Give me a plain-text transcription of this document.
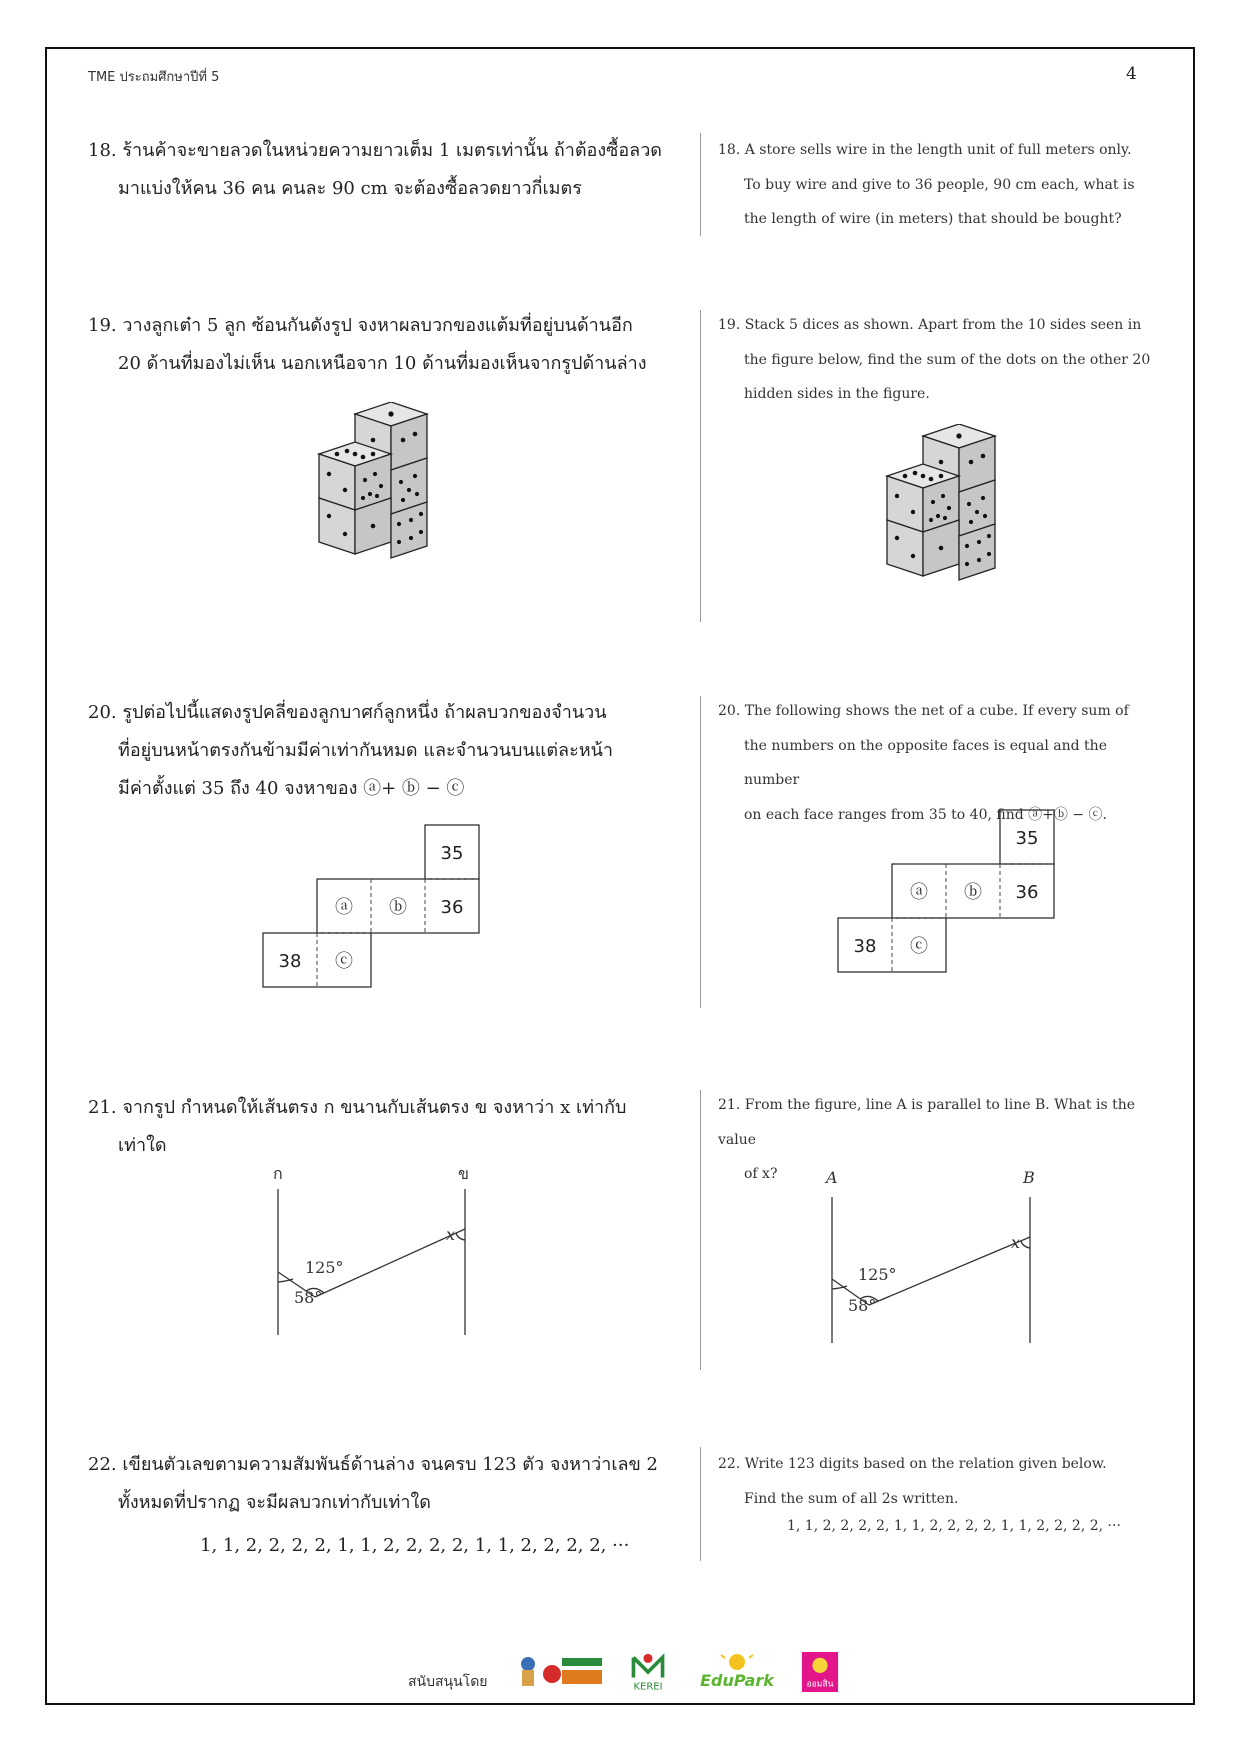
TME ประถมศึกษาปีที่ 5	4
18. ร้านค้าจะขายลวดในหน่วยความยาวเต็ม 1 เมตรเท่านั้น ถ้าต้องซื้อลวด
มาแบ่งให้คน 36 คน คนละ 90 cm จะต้องซื้อลวดยาวกี่เมตร
18. A store sells wire in the length unit of full meters only.
To buy wire and give to 36 people, 90 cm each, what is
the length of wire (in meters) that should be bought?
19. วางลูกเต๋า 5 ลูก ซ้อนกันดังรูป จงหาผลบวกของแต้มที่อยู่บนด้านอีก
20 ด้านที่มองไม่เห็น นอกเหนือจาก 10 ด้านที่มองเห็นจากรูปด้านล่าง
19. Stack 5 dices as shown. Apart from the 10 sides seen in
the figure below, find the sum of the dots on the other 20
hidden sides in the figure.
20. รูปต่อไปนี้แสดงรูปคลี่ของลูกบาศก์ลูกหนึ่ง ถ้าผลบวกของจำนวน
ที่อยู่บนหน้าตรงกันข้ามมีค่าเท่ากันหมด และจำนวนบนแต่ละหน้า
มีค่าตั้งแต่ 35 ถึง 40 จงหาของ ⓐ+ ⓑ − ⓒ
20. The following shows the net of a cube. If every sum of
the numbers on the opposite faces is equal and the number
on each face ranges from 35 to 40, find ⓐ+ⓑ − ⓒ.
35
ⓐ ⓑ 36
38 ⓒ
35
ⓐ ⓑ 36
38 ⓒ
21. จากรูป กำหนดให้เส้นตรง ก ขนานกับเส้นตรง ข จงหาว่า x เท่ากับ
เท่าใด
21. From the figure, line A is parallel to line B. What is the value
of x?
ก	ข
125°
58°
x
A	B
125°
58°
x
22. เขียนตัวเลขตามความสัมพันธ์ด้านล่าง จนครบ 123 ตัว จงหาว่าเลข 2
ทั้งหมดที่ปรากฏ จะมีผลบวกเท่ากับเท่าใด
1, 1, 2, 2, 2, 2, 1, 1, 2, 2, 2, 2, 1, 1, 2, 2, 2, 2, ···
22. Write 123 digits based on the relation given below.
Find the sum of all 2s written.
1, 1, 2, 2, 2, 2, 1, 1, 2, 2, 2, 2, 1, 1, 2, 2, 2, 2, ···
สนับสนุนโดย	KEREI EduPark	ออมสิน
